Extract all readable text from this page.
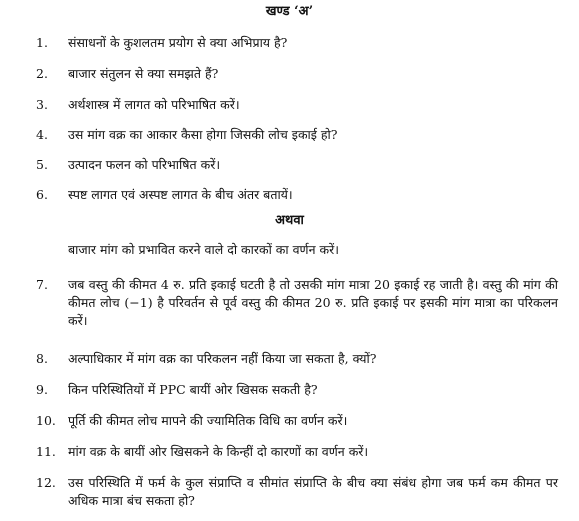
खण्ड ‘अ’
1.	संसाधनों के कुशलतम प्रयोग से क्या अभिप्राय है?
2.	बाजार संतुलन से क्या समझते हैं?
3.	अर्थशास्त्र में लागत को परिभाषित करें।
4.	उस मांग वक्र का आकार कैसा होगा जिसकी लोच इकाई हो?
5.	उत्पादन फलन को परिभाषित करें।
6.	स्पष्ट लागत एवं अस्पष्ट लागत के बीच अंतर बतायें।
अथवा
बाजार मांग को प्रभावित करने वाले दो कारकों का वर्णन करें।
7.	जब वस्तु की कीमत 4 रु. प्रति इकाई घटती है तो उसकी मांग मात्रा 20 इकाई रह जाती है। वस्तु की मांग की कीमत लोच (−1) है परिवर्तन से पूर्व वस्तु की कीमत 20 रु. प्रति इकाई पर इसकी मांग मात्रा का परिकलन करें।
8.	अल्पाधिकार में मांग वक्र का परिकलन नहीं किया जा सकता है, क्यों?
9.	किन परिस्थितियों में PPC बायीं ओर खिसक सकती है?
10. पूर्ति की कीमत लोच मापने की ज्यामितिक विधि का वर्णन करें।
11. मांग वक्र के बायीं ओर खिसकने के किन्हीं दो कारणों का वर्णन करें।
12. उस परिस्थिति में फर्म के कुल संप्राप्ति व सीमांत संप्राप्ति के बीच क्या संबंध होगा जब फर्म कम कीमत पर अधिक मात्रा बंच सकता हो?
